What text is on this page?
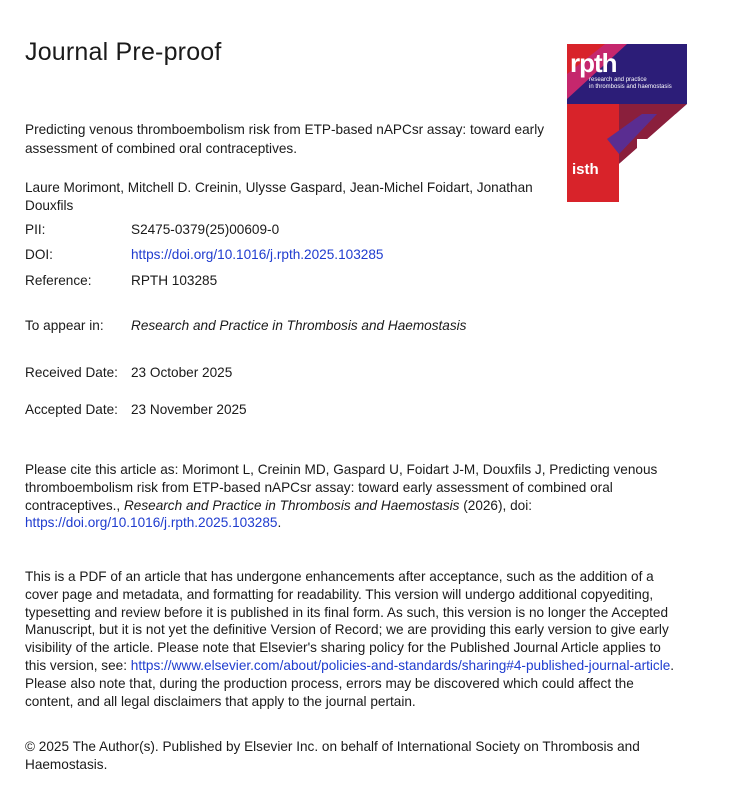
Journal Pre-proof	rpth
research and practice
in thrombosis and haemostasis
isth
Predicting venous thromboembolism risk from ETP-based nAPCsr assay: toward early assessment of combined oral contraceptives.
Laure Morimont, Mitchell D. Creinin, Ulysse Gaspard, Jean-Michel Foidart, Jonathan Douxfils
PII:	S2475-0379(25)00609-0
DOI:	https://doi.org/10.1016/j.rpth.2025.103285
Reference:	RPTH 103285
To appear in: Research and Practice in Thrombosis and Haemostasis
Received Date: 23 October 2025
Accepted Date: 23 November 2025
Please cite this article as: Morimont L, Creinin MD, Gaspard U, Foidart J-M, Douxfils J, Predicting venous thromboembolism risk from ETP-based nAPCsr assay: toward early assessment of combined oral contraceptives., Research and Practice in Thrombosis and Haemostasis (2026), doi: https://doi.org/10.1016/j.rpth.2025.103285.
This is a PDF of an article that has undergone enhancements after acceptance, such as the addition of a cover page and metadata, and formatting for readability. This version will undergo additional copyediting, typesetting and review before it is published in its final form. As such, this version is no longer the Accepted Manuscript, but it is not yet the definitive Version of Record; we are providing this early version to give early visibility of the article. Please note that Elsevier's sharing policy for the Published Journal Article applies to this version, see: https://www.elsevier.com/about/policies-and-standards/sharing#4-published-journal-article. Please also note that, during the production process, errors may be discovered which could affect the content, and all legal disclaimers that apply to the journal pertain.
© 2025 The Author(s). Published by Elsevier Inc. on behalf of International Society on Thrombosis and Haemostasis.
